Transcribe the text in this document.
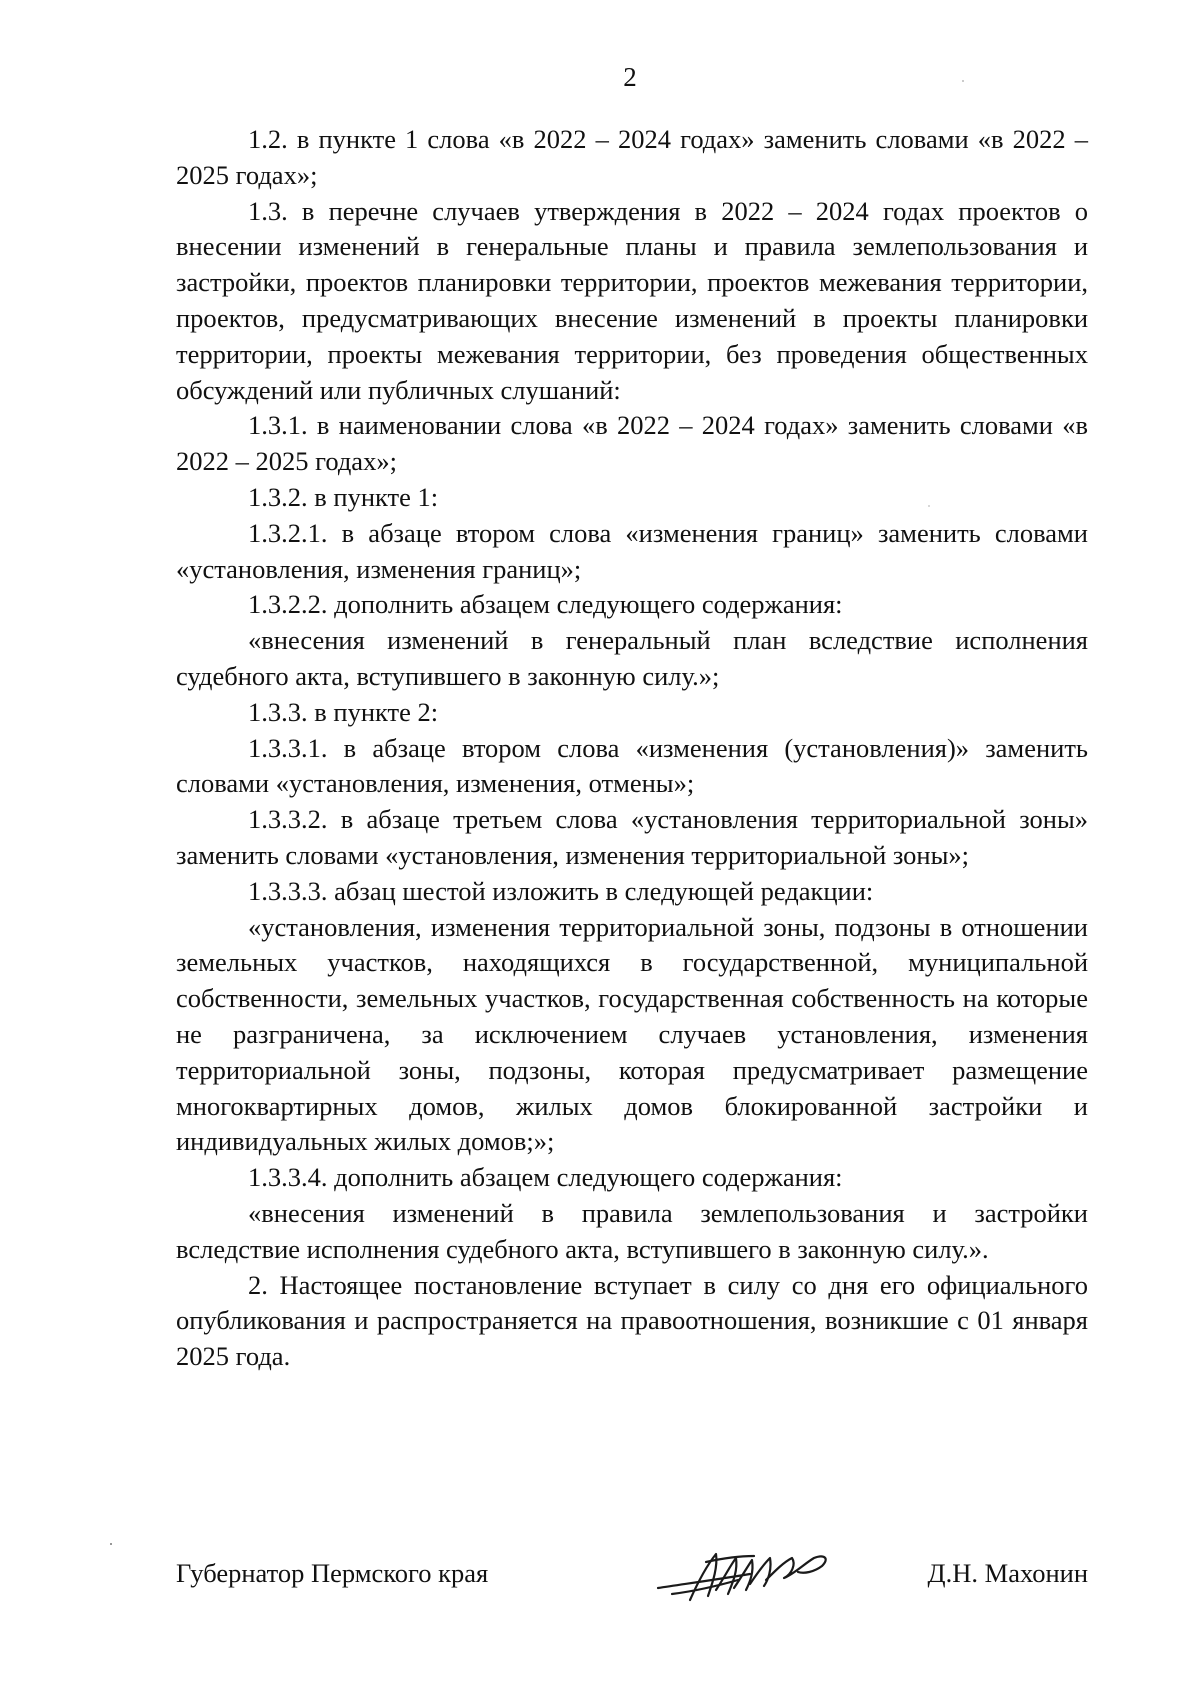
2

1.2. в пункте 1 слова «в 2022 – 2024 годах» заменить словами «в 2022 – 2025 годах»;

1.3. в перечне случаев утверждения в 2022 – 2024 годах проектов о внесении изменений в генеральные планы и правила землепользования и застройки, проектов планировки территории, проектов межевания территории, проектов, предусматривающих внесение изменений в проекты планировки территории, проекты межевания территории, без проведения общественных обсуждений или публичных слушаний:

1.3.1. в наименовании слова «в 2022 – 2024 годах» заменить словами «в 2022 – 2025 годах»;

1.3.2. в пункте 1:

1.3.2.1. в абзаце втором слова «изменения границ» заменить словами «установления, изменения границ»;

1.3.2.2. дополнить абзацем следующего содержания:

«внесения изменений в генеральный план вследствие исполнения судебного акта, вступившего в законную силу.»;

1.3.3. в пункте 2:

1.3.3.1. в абзаце втором слова «изменения (установления)» заменить словами «установления, изменения, отмены»;

1.3.3.2. в абзаце третьем слова «установления территориальной зоны» заменить словами «установления, изменения территориальной зоны»;

1.3.3.3. абзац шестой изложить в следующей редакции:

«установления, изменения территориальной зоны, подзоны в отношении земельных участков, находящихся в государственной, муниципальной собственности, земельных участков, государственная собственность на которые не разграничена, за исключением случаев установления, изменения территориальной зоны, подзоны, которая предусматривает размещение многоквартирных домов, жилых домов блокированной застройки и индивидуальных жилых домов;»;

1.3.3.4. дополнить абзацем следующего содержания:

«внесения изменений в правила землепользования и застройки вследствие исполнения судебного акта, вступившего в законную силу.».

2. Настоящее постановление вступает в силу со дня его официального опубликования и распространяется на правоотношения, возникшие с 01 января 2025 года.

Губернатор Пермского края	Д.Н. Махонин
